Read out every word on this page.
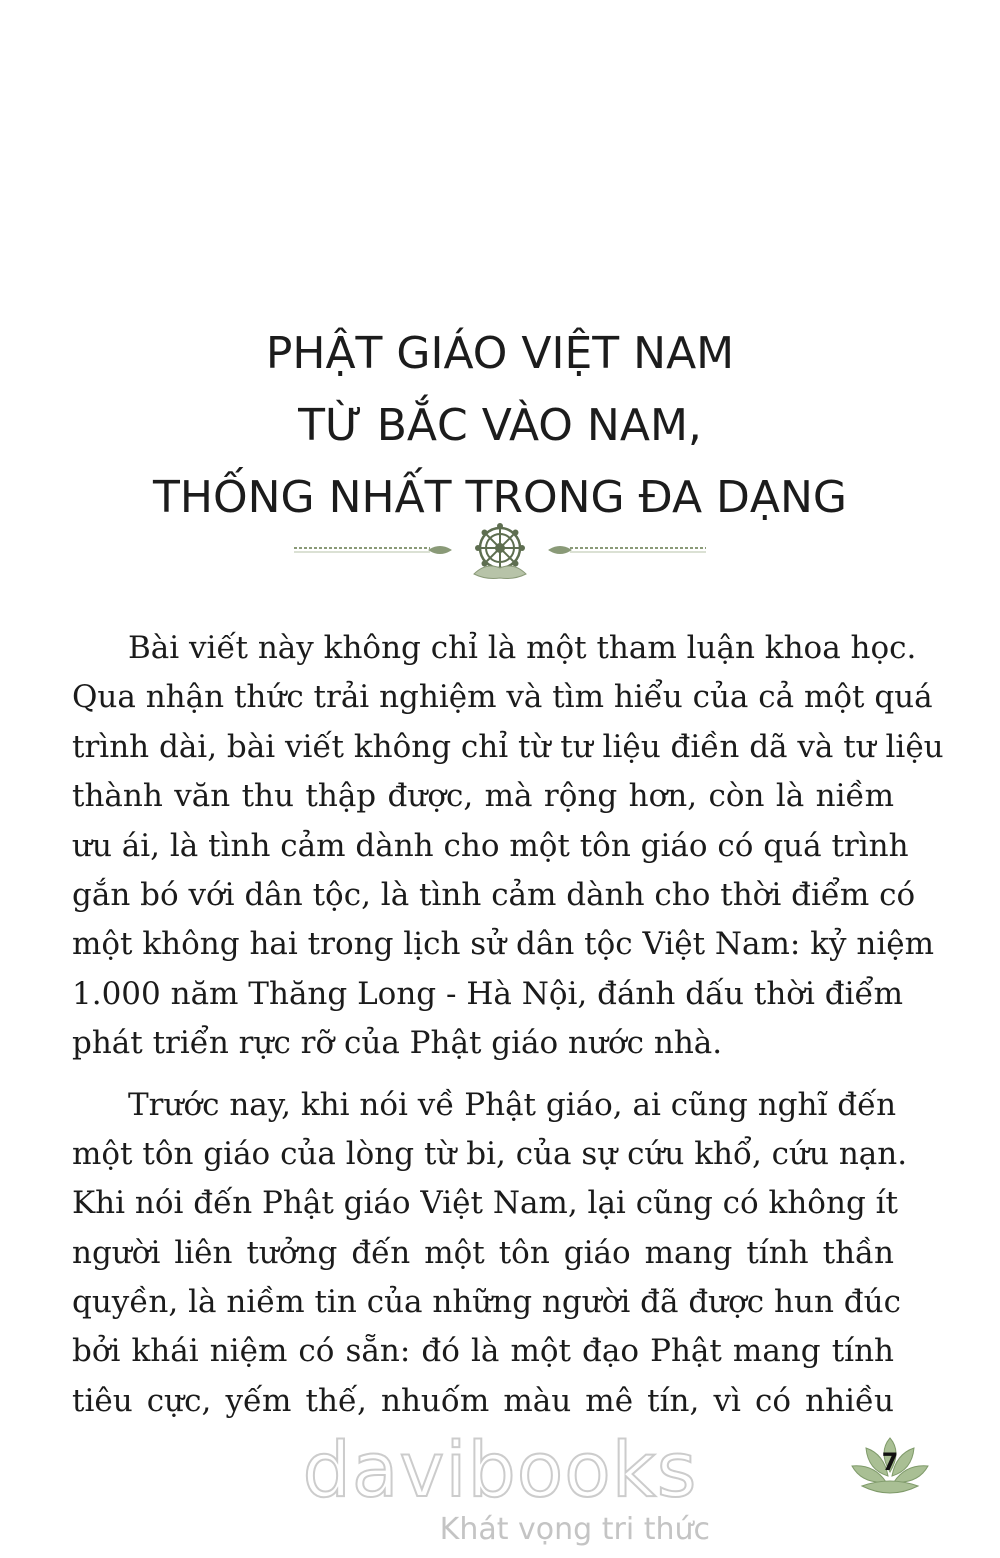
PHẬT GIÁO VIỆT NAM
TỪ BẮC VÀO NAM,
THỐNG NHẤT TRONG ĐA DẠNG
Bài viết này không chỉ là một tham luận khoa học.
Qua nhận thức trải nghiệm và tìm hiểu của cả một quá
trình dài, bài viết không chỉ từ tư liệu điền dã và tư liệu
thành văn thu thập được, mà rộng hơn, còn là niềm
ưu ái, là tình cảm dành cho một tôn giáo có quá trình
gắn bó với dân tộc, là tình cảm dành cho thời điểm có
một không hai trong lịch sử dân tộc Việt Nam: kỷ niệm
1.000 năm Thăng Long - Hà Nội, đánh dấu thời điểm
phát triển rực rỡ của Phật giáo nước nhà.
Trước nay, khi nói về Phật giáo, ai cũng nghĩ đến
một tôn giáo của lòng từ bi, của sự cứu khổ, cứu nạn.
Khi nói đến Phật giáo Việt Nam, lại cũng có không ít
người liên tưởng đến một tôn giáo mang tính thần
quyền, là niềm tin của những người đã được hun đúc
bởi khái niệm có sẵn: đó là một đạo Phật mang tính
tiêu cực, yếm thế, nhuốm màu mê tín, vì có nhiều
davibooks
Khát vọng tri thức
7
